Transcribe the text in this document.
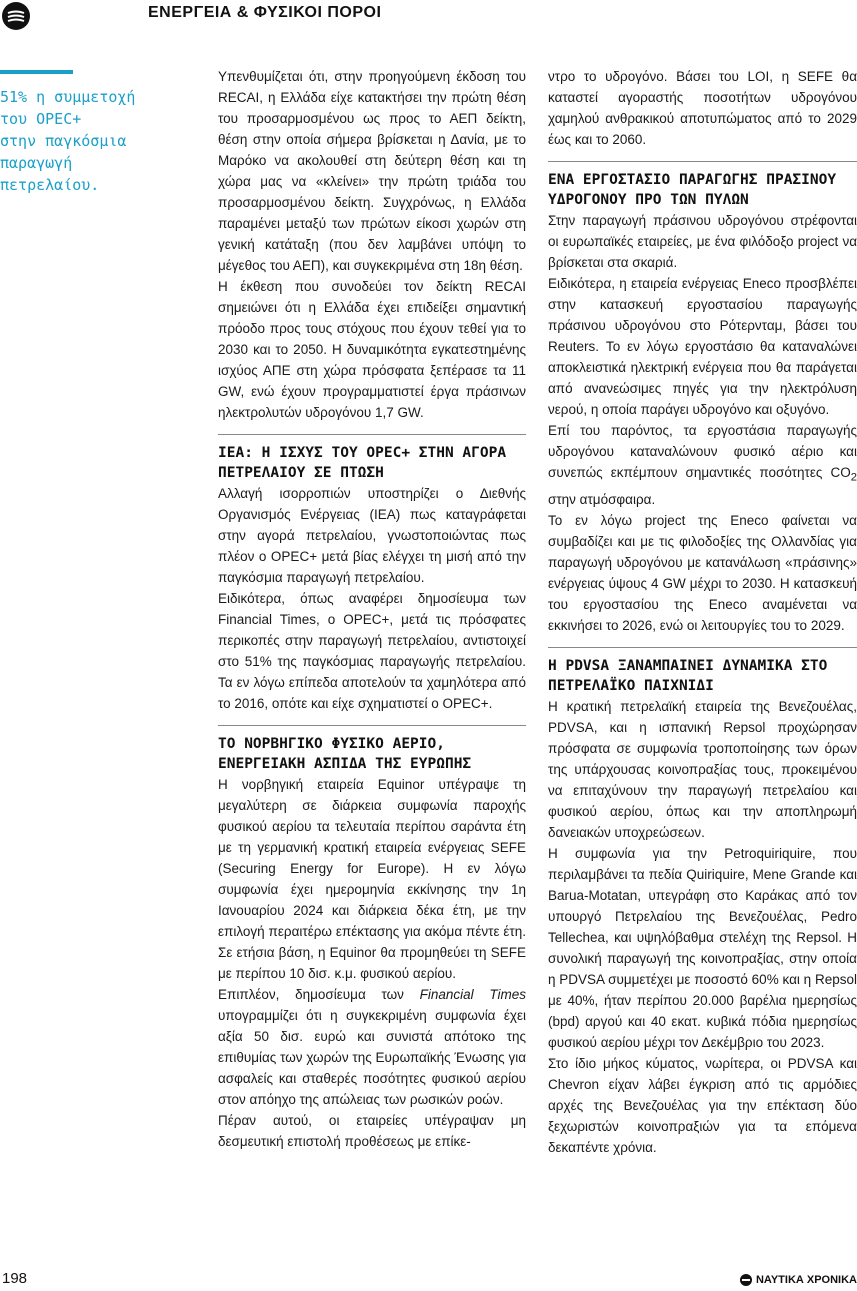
ΕΝΕΡΓΕΙΑ & ΦΥΣΙΚΟΙ ΠΟΡΟΙ
51% η συμμετοχή
του OPEC+
στην παγκόσμια
παραγωγή
πετρελαίου.

Υπενθυμίζεται ότι, στην προηγούμενη έκδοση του RECAI, η Ελλάδα είχε κατακτήσει την πρώτη θέση του προσαρμοσμένου ως προς το ΑΕΠ δείκτη, θέση στην οποία σήμερα βρίσκεται η Δανία, με το Μαρόκο να ακολουθεί στη δεύτερη θέση και τη χώρα μας να «κλείνει» την πρώτη τριάδα του προσαρμοσμένου δείκτη. Συγχρόνως, η Ελλάδα παραμένει μεταξύ των πρώτων είκοσι χωρών στη γενική κατάταξη (που δεν λαμβάνει υπόψη το μέγεθος του ΑΕΠ), και συγκεκριμένα στη 18η θέση.

Η έκθεση που συνοδεύει τον δείκτη RECAI σημειώνει ότι η Ελλάδα έχει επιδείξει σημαντική πρόοδο προς τους στόχους που έχουν τεθεί για το 2030 και το 2050. Η δυναμικότητα εγκατεστημένης ισχύος ΑΠΕ στη χώρα πρόσφατα ξεπέρασε τα 11 GW, ενώ έχουν προγραμματιστεί έργα πράσινων ηλεκτρολυτών υδρογόνου 1,7 GW.

IEA: Η ΙΣΧΥΣ ΤΟΥ OPEC+ ΣΤΗΝ ΑΓΟΡΑ ΠΕΤΡΕΛΑΙΟΥ ΣΕ ΠΤΩΣΗ

Αλλαγή ισορροπιών υποστηρίζει ο Διεθνής Οργανισμός Ενέργειας (IEA) πως καταγράφεται στην αγορά πετρελαίου, γνωστοποιώντας πως πλέον ο OPEC+ μετά βίας ελέγχει τη μισή από την παγκόσμια παραγωγή πετρελαίου.

Ειδικότερα, όπως αναφέρει δημοσίευμα των Financial Times, ο OPEC+, μετά τις πρόσφατες περικοπές στην παραγωγή πετρελαίου, αντιστοιχεί στο 51% της παγκόσμιας παραγωγής πετρελαίου. Τα εν λόγω επίπεδα αποτελούν τα χαμηλότερα από το 2016, οπότε και είχε σχηματιστεί ο OPEC+.

ΤΟ ΝΟΡΒΗΓΙΚΟ ΦΥΣΙΚΟ ΑΕΡΙΟ, ΕΝΕΡΓΕΙΑΚΗ ΑΣΠΙΔΑ ΤΗΣ ΕΥΡΩΠΗΣ

Η νορβηγική εταιρεία Equinor υπέγραψε τη μεγαλύτερη σε διάρκεια συμφωνία παροχής φυσικού αερίου τα τελευταία περίπου σαράντα έτη με τη γερμανική κρατική εταιρεία ενέργειας SEFE (Securing Energy for Europe). Η εν λόγω συμφωνία έχει ημερομηνία εκκίνησης την 1η Ιανουαρίου 2024 και διάρκεια δέκα έτη, με την επιλογή περαιτέρω επέκτασης για ακόμα πέντε έτη. Σε ετήσια βάση, η Equinor θα προμηθεύει τη SEFE με περίπου 10 δισ. κ.μ. φυσικού αερίου.

Επιπλέον, δημοσίευμα των Financial Times υπογραμμίζει ότι η συγκεκριμένη συμφωνία έχει αξία 50 δισ. ευρώ και συνιστά απότοκο της επιθυμίας των χωρών της Ευρωπαϊκής Ένωσης για ασφαλείς και σταθερές ποσότητες φυσικού αερίου στον απόηχο της απώλειας των ρωσικών ροών.

Πέραν αυτού, οι εταιρείες υπέγραψαν μη δεσμευτική επιστολή προθέσεως με επίκε-

ντρο το υδρογόνο. Βάσει του LOI, η SEFE θα καταστεί αγοραστής ποσοτήτων υδρογόνου χαμηλού ανθρακικού αποτυπώματος από το 2029 έως και το 2060.

ΕΝΑ ΕΡΓΟΣΤΑΣΙΟ ΠΑΡΑΓΩΓΗΣ ΠΡΑΣΙΝΟΥ ΥΔΡΟΓΟΝΟΥ ΠΡΟ ΤΩΝ ΠΥΛΩΝ

Στην παραγωγή πράσινου υδρογόνου στρέφονται οι ευρωπαϊκές εταιρείες, με ένα φιλόδοξο project να βρίσκεται στα σκαριά.

Ειδικότερα, η εταιρεία ενέργειας Eneco προσβλέπει στην κατασκευή εργοστασίου παραγωγής πράσινου υδρογόνου στο Ρότερνταμ, βάσει του Reuters. Το εν λόγω εργοστάσιο θα καταναλώνει αποκλειστικά ηλεκτρική ενέργεια που θα παράγεται από ανανεώσιμες πηγές για την ηλεκτρόλυση νερού, η οποία παράγει υδρογόνο και οξυγόνο.

Επί του παρόντος, τα εργοστάσια παραγωγής υδρογόνου καταναλώνουν φυσικό αέριο και συνεπώς εκπέμπουν σημαντικές ποσότητες $CO_2$ στην ατμόσφαιρα.

Το εν λόγω project της Eneco φαίνεται να συμβαδίζει και με τις φιλοδοξίες της Ολλανδίας για παραγωγή υδρογόνου με κατανάλωση «πράσινης» ενέργειας ύψους 4 GW μέχρι το 2030. Η κατασκευή του εργοστασίου της Eneco αναμένεται να εκκινήσει το 2026, ενώ οι λειτουργίες του το 2029.

Η PDVSA ΞΑΝΑΜΠΑΙΝΕΙ ΔΥΝΑΜΙΚΑ ΣΤΟ ΠΕΤΡΕΛΑΪΚΟ ΠΑΙΧΝΙΔΙ

Η κρατική πετρελαϊκή εταιρεία της Βενεζουέλας, PDVSA, και η ισπανική Repsol προχώρησαν πρόσφατα σε συμφωνία τροποποίησης των όρων της υπάρχουσας κοινοπραξίας τους, προκειμένου να επιταχύνουν την παραγωγή πετρελαίου και φυσικού αερίου, όπως και την αποπληρωμή δανειακών υποχρεώσεων.

Η συμφωνία για την Petroquiriquire, που περιλαμβάνει τα πεδία Quiriquire, Mene Grande και Barua-Motatan, υπεγράφη στο Καράκας από τον υπουργό Πετρελαίου της Βενεζουέλας, Pedro Tellechea, και υψηλόβαθμα στελέχη της Repsol. Η συνολική παραγωγή της κοινοπραξίας, στην οποία η PDVSA συμμετέχει με ποσοστό 60% και η Repsol με 40%, ήταν περίπου 20.000 βαρέλια ημερησίως (bpd) αργού και 40 εκατ. κυβικά πόδια ημερησίως φυσικού αερίου μέχρι τον Δεκέμβριο του 2023.

Στο ίδιο μήκος κύματος, νωρίτερα, οι PDVSA και Chevron είχαν λάβει έγκριση από τις αρμόδιες αρχές της Βενεζουέλας για την επέκταση δύο ξεχωριστών κοινοπραξιών για τα επόμενα δεκαπέντε χρόνια.

198	ΝΑΥΤΙΚΑ ΧΡΟΝΙΚΑ
